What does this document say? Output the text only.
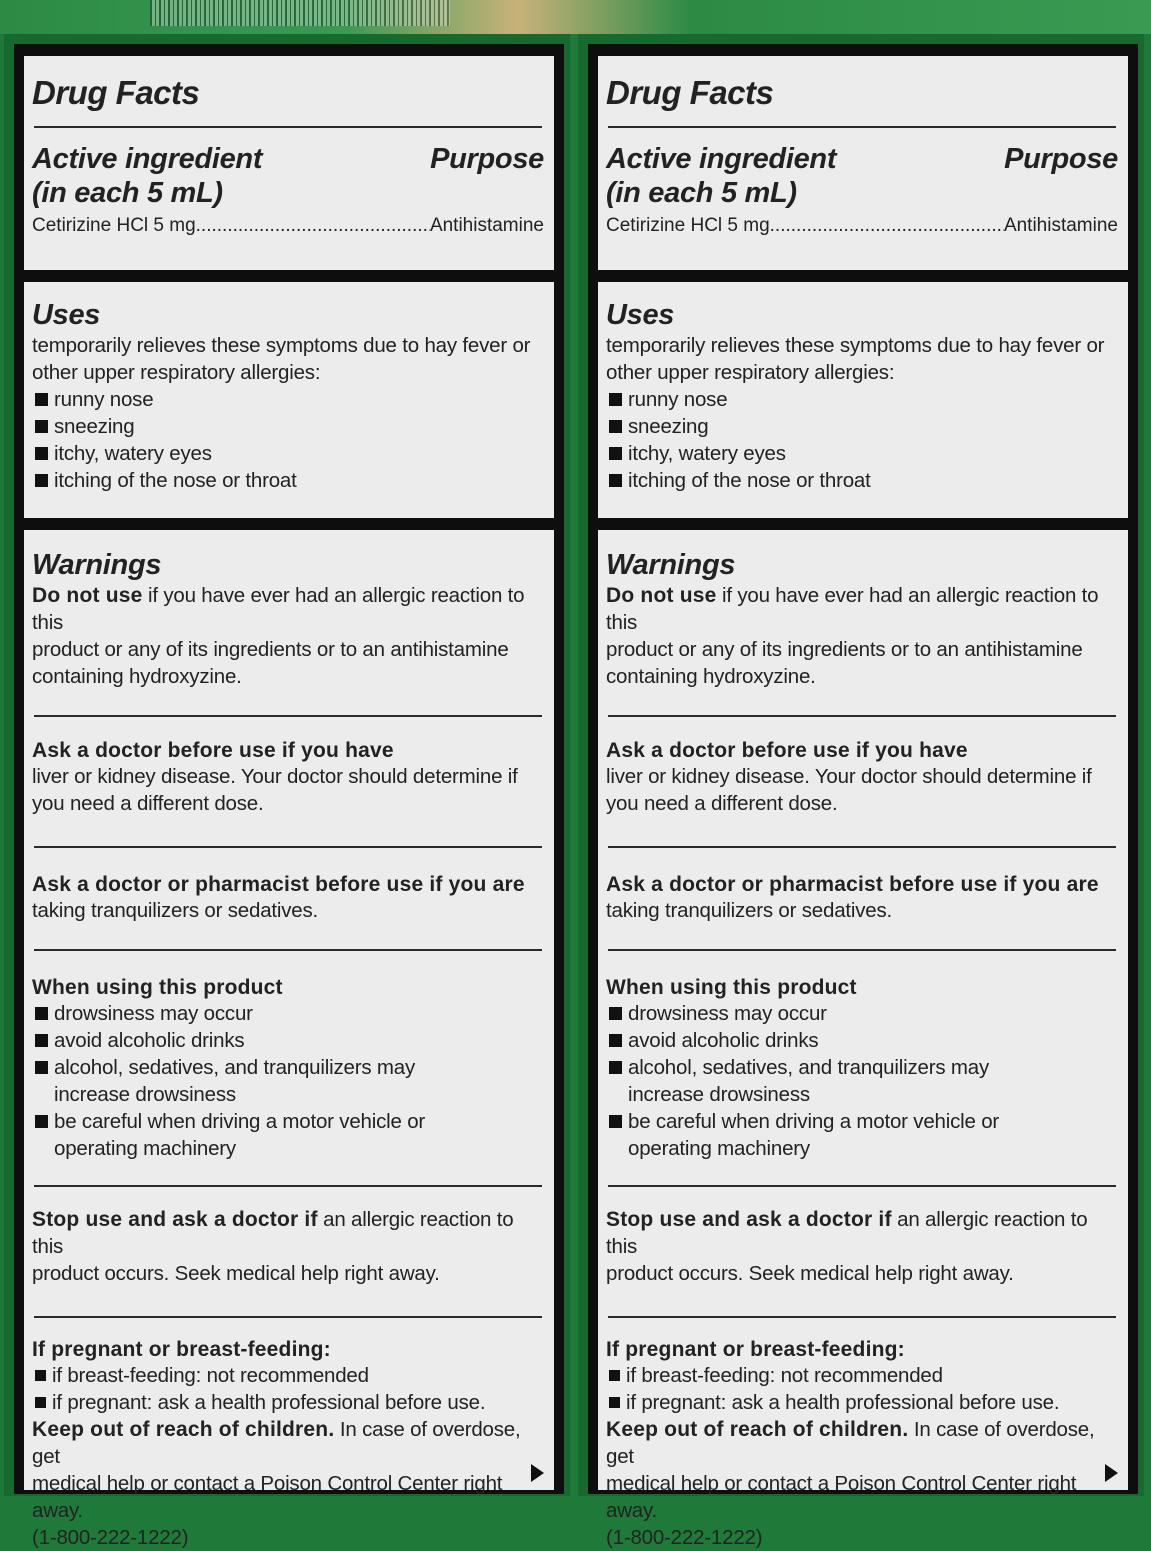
Drug Facts
Active ingredient
(in each 5 mL)
Purpose
Cetirizine HCl 5 mg .....	Antihistamine
Uses
temporarily relieves these symptoms due to hay fever or
other upper respiratory allergies:
runny nose
sneezing
itchy, watery eyes
itching of the nose or throat
Warnings
Do not use if you have ever had an allergic reaction to this
product or any of its ingredients or to an antihistamine
containing hydroxyzine.
Ask a doctor before use if you have
liver or kidney disease. Your doctor should determine if
you need a different dose.
Ask a doctor or pharmacist before use if you are
taking tranquilizers or sedatives.
When using this product
drowsiness may occur
avoid alcoholic drinks
alcohol, sedatives, and tranquilizers may
increase drowsiness
be careful when driving a motor vehicle or
operating machinery
Stop use and ask a doctor if an allergic reaction to this
product occurs. Seek medical help right away.
If pregnant or breast-feeding:
if breast-feeding: not recommended
if pregnant: ask a health professional before use.
Keep out of reach of children. In case of overdose, get
medical help or contact a Poison Control Center right away.
(1-800-222-1222)
Drug Facts
Active ingredient
(in each 5 mL)
Purpose
Cetirizine HCl 5 mg .....	Antihistamine
Uses
temporarily relieves these symptoms due to hay fever or
other upper respiratory allergies:
runny nose
sneezing
itchy, watery eyes
itching of the nose or throat
Warnings
Do not use if you have ever had an allergic reaction to this
product or any of its ingredients or to an antihistamine
containing hydroxyzine.
Ask a doctor before use if you have
liver or kidney disease. Your doctor should determine if
you need a different dose.
Ask a doctor or pharmacist before use if you are
taking tranquilizers or sedatives.
When using this product
drowsiness may occur
avoid alcoholic drinks
alcohol, sedatives, and tranquilizers may
increase drowsiness
be careful when driving a motor vehicle or
operating machinery
Stop use and ask a doctor if an allergic reaction to this
product occurs. Seek medical help right away.
If pregnant or breast-feeding:
if breast-feeding: not recommended
if pregnant: ask a health professional before use.
Keep out of reach of children. In case of overdose, get
medical help or contact a Poison Control Center right away.
(1-800-222-1222)
